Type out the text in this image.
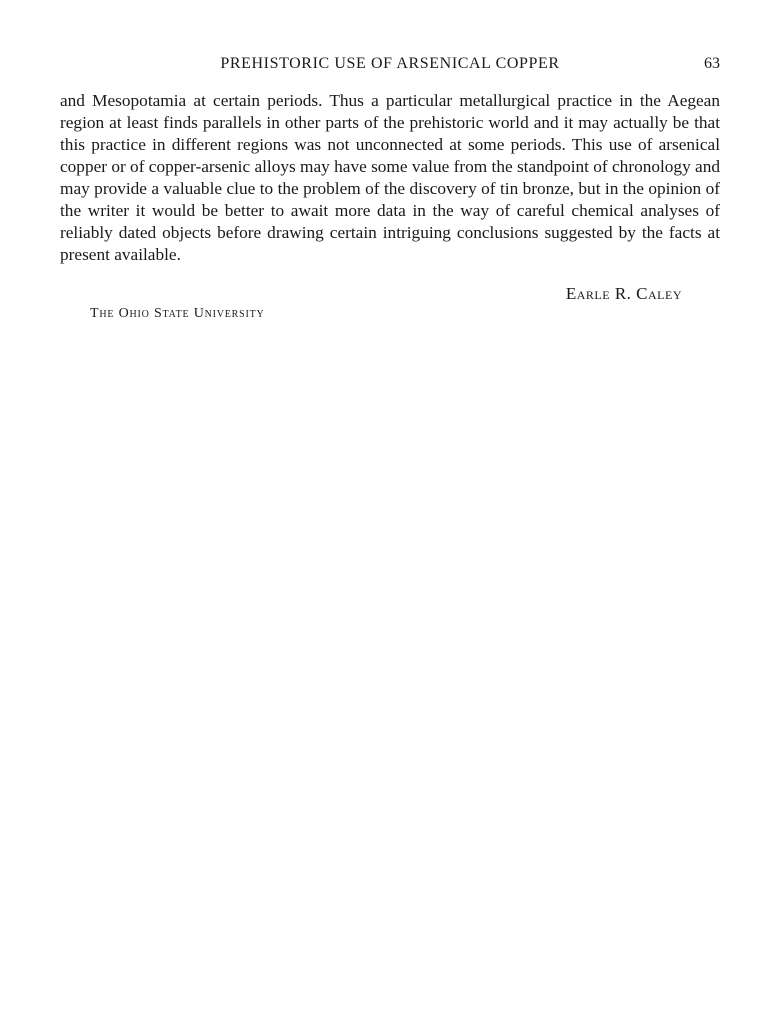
PREHISTORIC USE OF ARSENICAL COPPER	63

and Mesopotamia at certain periods. Thus a particular metallurgical practice in the Aegean region at least finds parallels in other parts of the prehistoric world and it may actually be that this practice in different regions was not unconnected at some periods. This use of arsenical copper or of copper-arsenic alloys may have some value from the standpoint of chronology and may provide a valuable clue to the problem of the discovery of tin bronze, but in the opinion of the writer it would be better to await more data in the way of careful chemical analyses of reliably dated objects before drawing certain intriguing conclusions suggested by the facts at present available.

Earle R. Caley
The Ohio State University
